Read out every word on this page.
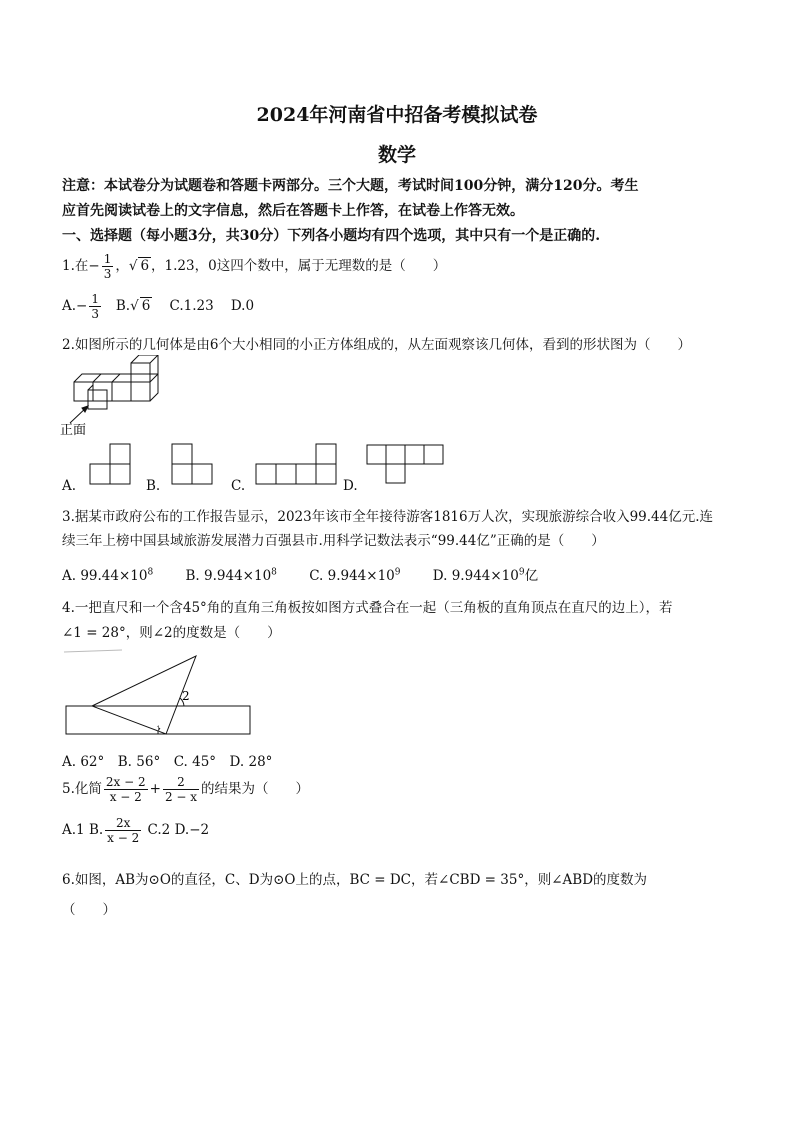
2024年河南省中招备考模拟试卷
数学
注意：本试卷分为试题卷和答题卡两部分。三个大题，考试时间100分钟，满分120分。考生
应首先阅读试卷上的文字信息，然后在答题卡上作答，在试卷上作答无效。
一、选择题（每小题3分，共30分）下列各小题均有四个选项，其中只有一个是正确的.
1.在− $\frac{1}{3}$ ，√ 6 ，1.23，0这四个数中，属于无理数的是（　　）
$A.- \frac{1}{3} B.√$ 6 C.1.23 D.0
2.如图所示的几何体是由6个大小相同的小正方体组成的，从左面观察该几何体，看到的形状图为（　　）
正面
A.	B.	C.	D.
3.据某市政府公布的工作报告显示，2023年该市全年接待游客1816万人次，实现旅游综合收入99.44亿元.连
续三年上榜中国县域旅游发展潜力百强县市.用科学记数法表示“99.44亿”正确的是（　　）
A. $99.44\times 10^8$ B. $9.944\times 10^8$ C. $9.944\times 10^9$ D. $9.944\times 10^9$亿
4.一把直尺和一个含45°角的直角三角板按如图方式叠合在一起（三角板的直角顶点在直尺的边上），若
∠1 = 28°，则∠2的度数是（　　）
2
1
A. 62°　B. 56°　C. 45°　D. 28°
5.化简 $\frac{2x - 2}{x - 2} + \frac{2}{2 - x}$ 的结果为（　　）
A.1 B. $\frac{2x}{x - 2} C.2$ D.−2
6.如图，AB为⊙O的直径，C、D为⊙O上的点，BC = DC，若∠CBD = 35°，则∠ABD的度数为
（　　）
